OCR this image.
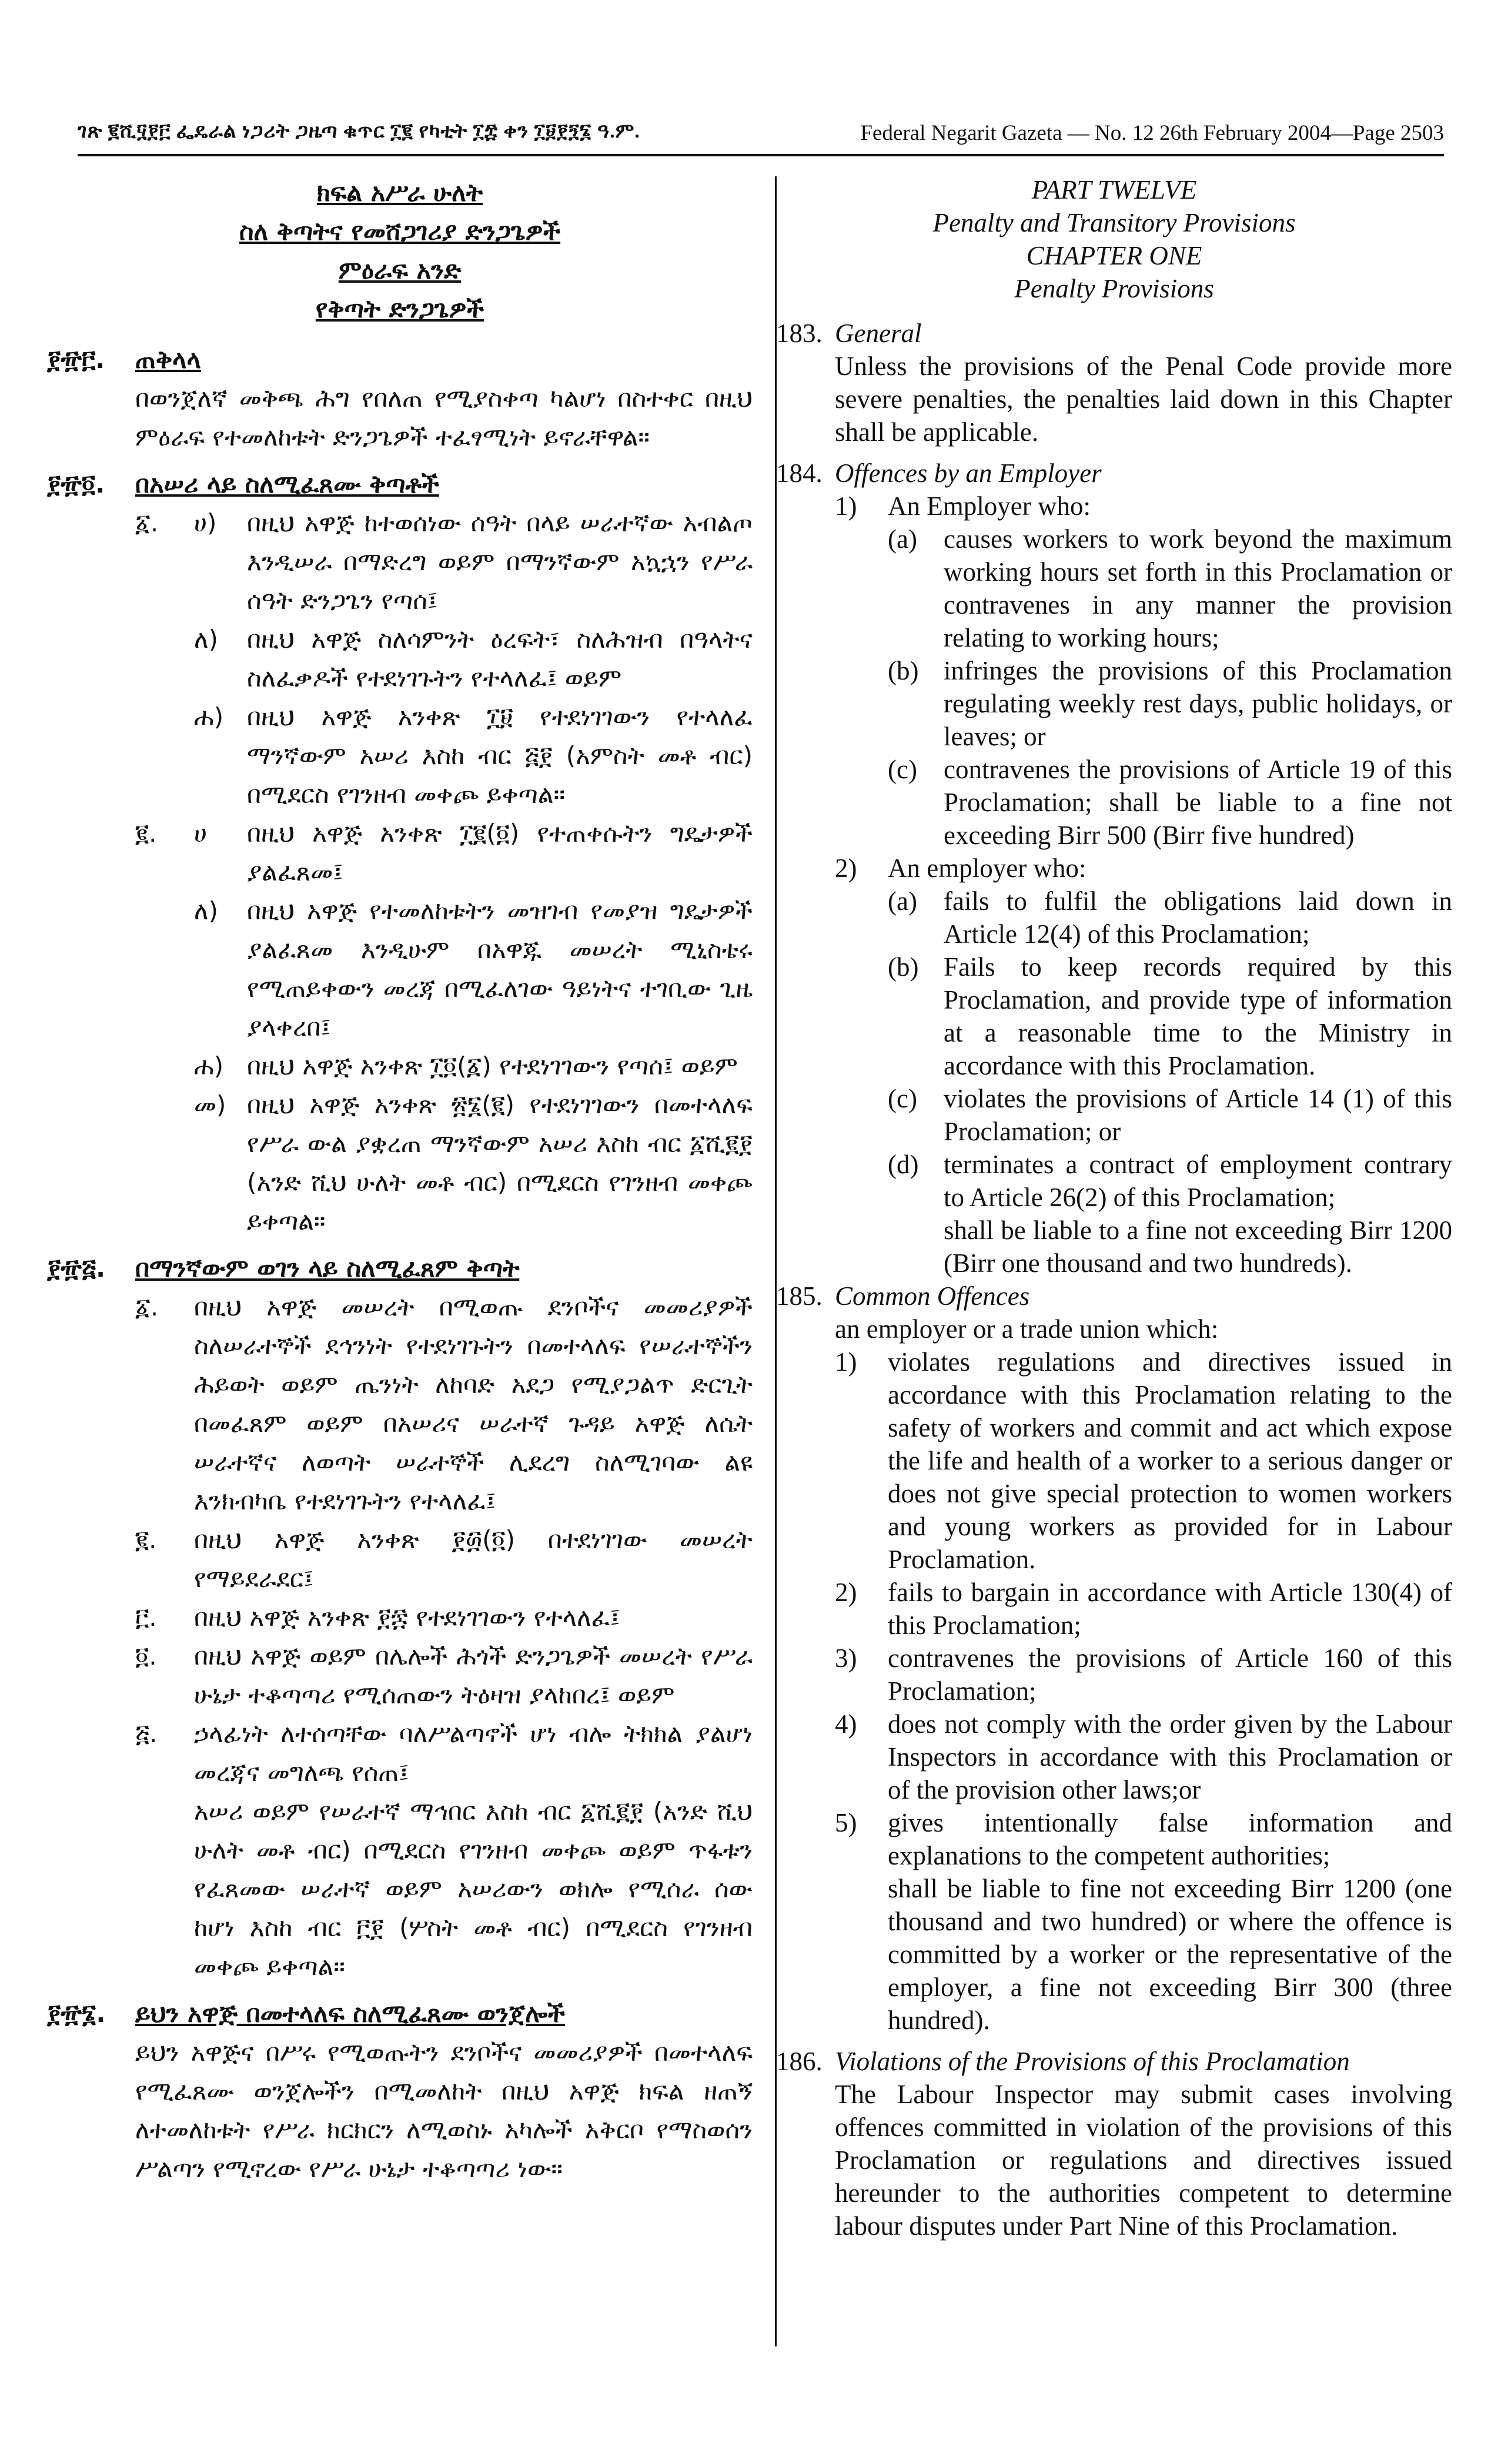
ገጽ ፪ሺ፶፻፫ ፌዴራል ነጋሪት ጋዜጣ ቁጥር ፲፪ የካቲት ፲፰ ቀን ፲፱፻፺፮ ዓ.ም.	Federal Negarit Gazeta — No. 12 26th February 2004—Page 2503
ክፍል አሥራ ሁለት
ስለ ቅጣትና የመሸጋገሪያ ድንጋጌዎች
ምዕራፍ አንድ
የቅጣት ድንጋጌዎች
፻፹፫.	ጠቅላላ
በወንጀለኛ መቅጫ ሕግ የበለጠ የሚያስቀጣ ካልሆነ በስተቀር በዚህ ምዕራፍ የተመለከቱት ድንጋጌዎች ተፈፃሚነት ይኖራቸዋል።
፻፹፬.	በአሠሪ ላይ ስለሚፈጸሙ ቅጣቶች
፩.	ሀ)	በዚህ አዋጅ ከተወሰነው ሰዓት በላይ ሠራተኛው አብልጦ እንዲሠራ በማድረግ ወይም በማንኛውም አኳኋን የሥራ ሰዓት ድንጋጌን የጣሰ፤
ለ)	በዚህ አዋጅ ስለሳምንት ዕረፍት፣ ስለሕዝብ በዓላትና ስለፈቃዶች የተደነገጉትን የተላለፈ፤ ወይም
ሐ) በዚህ አዋጅ አንቀጽ ፲፱ የተደነገገውን የተላለፈ ማንኛውም አሠሪ እስከ ብር ፭፻ (አምስት መቶ ብር) በሚደርስ የገንዘብ መቀጮ ይቀጣል።
፪.	ሀ	በዚህ አዋጅ አንቀጽ ፲፪(፬) የተጠቀሱትን ግዴታዎች ያልፈጸመ፤
ለ)	በዚህ አዋጅ የተመለከቱትን መዝገብ የመያዝ ግዴታዎች ያልፈጸመ እንዲሁም በአዋጁ መሠረት ሚኒስቴሩ የሚጠይቀውን መረጃ በሚፈለገው ዓይነትና ተገቢው ጊዜ ያላቀረበ፤
ሐ) በዚህ አዋጅ አንቀጽ ፲፬(፩) የተደነገገውን የጣሰ፤ ወይም
መ) በዚህ አዋጅ አንቀጽ ፳፮(፪) የተደነገገውን በመተላለፍ የሥራ ውል ያቋረጠ ማንኛውም አሠሪ እስከ ብር ፩ሺ፪፻ (አንድ ሺህ ሁለት መቶ ብር) በሚደርስ የገንዘብ መቀጮ ይቀጣል።
፻፹፭.	በማንኛውም ወገን ላይ ስለሚፈጸም ቅጣት
፩.	በዚህ አዋጅ መሠረት በሚወጡ ደንቦችና መመሪያዎች ስለሠራተኞች ደኅንነት የተደነገጉትን በመተላለፍ የሠራተኞችን ሕይወት ወይም ጤንነት ለከባድ አደጋ የሚያጋልጥ ድርጊት በመፈጸም ወይም በአሠሪና ሠራተኛ ጉዳይ አዋጅ ለሴት ሠራተኛና ለወጣት ሠራተኞች ሊደረግ ስለሚገባው ልዩ እንክብካቤ የተደነገጉትን የተላለፈ፤
፪.	በዚህ አዋጅ አንቀጽ ፻፴(፬) በተደነገገው መሠረት የማይደራደር፤
፫.	በዚህ አዋጅ አንቀጽ ፻፷ የተደነገገውን የተላለፈ፤
፬.	በዚህ አዋጅ ወይም በሌሎች ሕጎች ድንጋጌዎች መሠረት የሥራ ሁኔታ ተቆጣጣሪ የሚሰጠውን ትዕዛዝ ያላከበረ፤ ወይም
፭.	ኃላፊነት ለተሰጣቸው ባለሥልጣኖች ሆነ ብሎ ትክክል ያልሆነ መረጃና መግለጫ የሰጠ፤
አሠሪ ወይም የሠራተኛ ማኅበር እስከ ብር ፩ሺ፪፻ (አንድ ሺህ ሁለት መቶ ብር) በሚደርስ የገንዘብ መቀጮ ወይም ጥፋቱን የፈጸመው ሠራተኛ ወይም አሠሪውን ወክሎ የሚሰራ ሰው ከሆነ እስከ ብር ፫፻ (ሦስት መቶ ብር) በሚደርስ የገንዘብ መቀጮ ይቀጣል።
፻፹፮.	ይህን አዋጅ በመተላለፍ ስለሚፈጸሙ ወንጀሎች
ይህን አዋጅና በሥሩ የሚወጡትን ደንቦችና መመሪያዎች በመተላለፍ የሚፈጸሙ ወንጀሎችን በሚመለከት በዚህ አዋጅ ክፍል ዘጠኝ ለተመለከቱት የሥራ ክርክርን ለሚወስኑ አካሎች አቅርቦ የማስወሰን ሥልጣን የሚኖረው የሥራ ሁኔታ ተቆጣጣሪ ነው።
PART TWELVE
Penalty and Transitory Provisions
CHAPTER ONE
Penalty Provisions
183. General
Unless the provisions of the Penal Code provide more severe penalties, the penalties laid down in this Chapter shall be applicable.
184. Offences by an Employer
1)	An Employer who:
(a)	causes workers to work beyond the maximum working hours set forth in this Proclamation or contravenes in any manner the provision relating to working hours;
(b) infringes the provisions of this Proclamation regulating weekly rest days, public holidays, or leaves; or
(c)	contravenes the provisions of Article 19 of this Proclamation; shall be liable to a fine not exceeding Birr 500 (Birr five hundred)
2)	An employer who:
(a)	fails to fulfil the obligations laid down in Article 12(4) of this Proclamation;
(b) Fails to keep records required by this Proclamation, and provide type of information at a reasonable time to the Ministry in accordance with this Proclamation.
(c)	violates the provisions of Article 14 (1) of this Proclamation; or
(d) terminates a contract of employment contrary to Article 26(2) of this Proclamation;
shall be liable to a fine not exceeding Birr 1200 (Birr one thousand and two hundreds).
185. Common Offences
an employer or a trade union which:
1)	violates regulations and directives issued in accordance with this Proclamation relating to the safety of workers and commit and act which expose the life and health of a worker to a serious danger or does not give special protection to women workers and young workers as provided for in Labour Proclamation.
2)	fails to bargain in accordance with Article 130(4) of this Proclamation;
3)	contravenes the provisions of Article 160 of this Proclamation;
4)	does not comply with the order given by the Labour Inspectors in accordance with this Proclamation or of the provision other laws;or
5)	gives intentionally false information and explanations to the competent authorities;
shall be liable to fine not exceeding Birr 1200 (one thousand and two hundred) or where the offence is committed by a worker or the representative of the employer, a fine not exceeding Birr 300 (three hundred).
186. Violations of the Provisions of this Proclamation
The Labour Inspector may submit cases involving offences committed in violation of the provisions of this Proclamation or regulations and directives issued hereunder to the authorities competent to determine labour disputes under Part Nine of this Proclamation.
